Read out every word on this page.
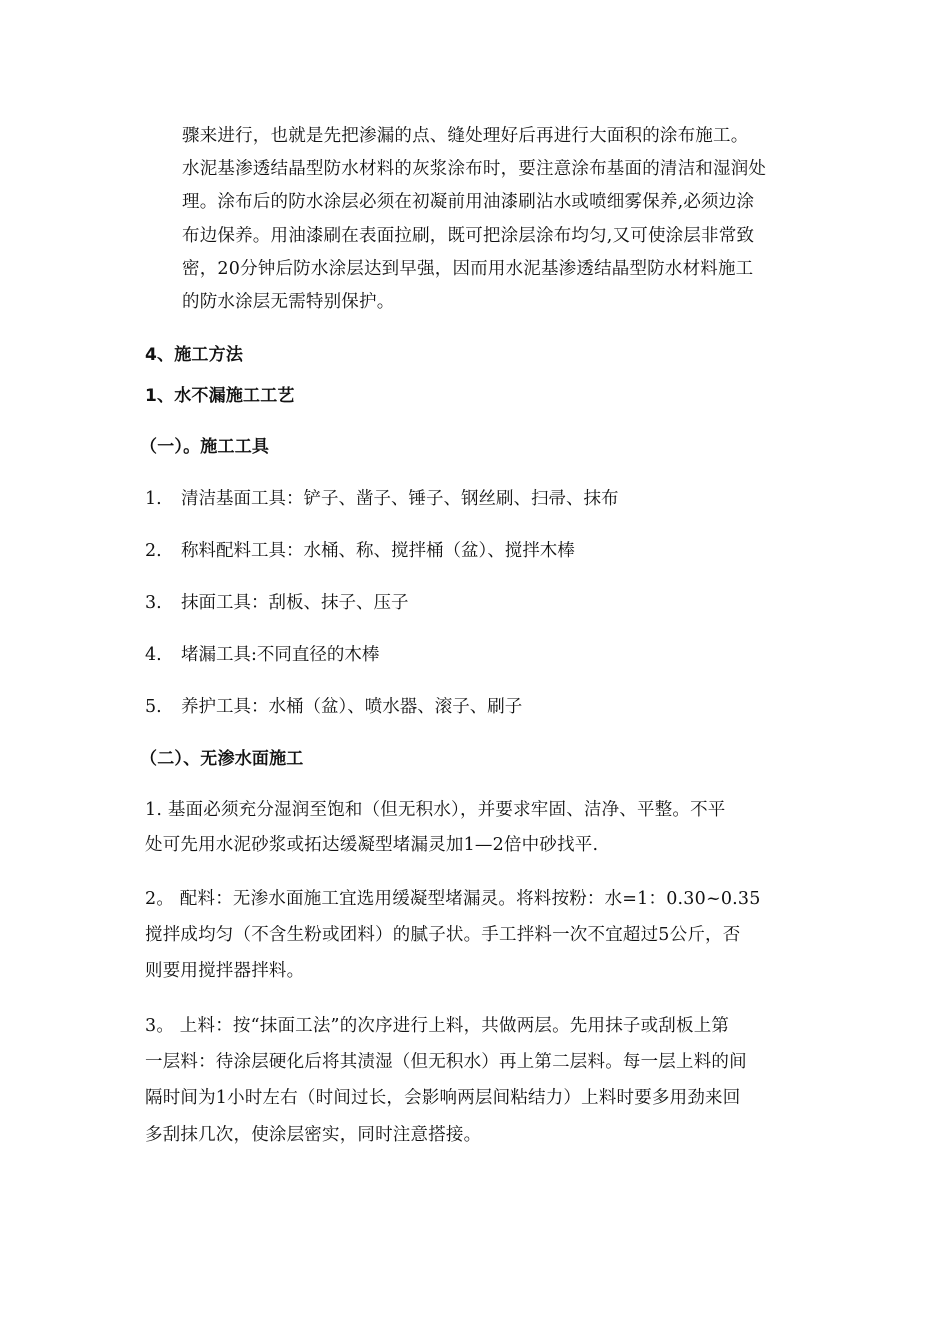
骤来进行，也就是先把渗漏的点、缝处理好后再进行大面积的涂布施工。
水泥基渗透结晶型防水材料的灰浆涂布时，要注意涂布基面的清洁和湿润处
理。涂布后的防水涂层必须在初凝前用油漆刷沾水或喷细雾保养,必须边涂
布边保养。用油漆刷在表面拉刷，既可把涂层涂布均匀,又可使涂层非常致
密，20分钟后防水涂层达到早强，因而用水泥基渗透结晶型防水材料施工
的防水涂层无需特别保护。
4、施工方法
1、水不漏施工工艺
（一）。施工工具
1. 清洁基面工具：铲子、凿子、锤子、钢丝刷、扫帚、抹布
2. 称料配料工具：水桶、称、搅拌桶（盆）、搅拌木棒
3. 抹面工具：刮板、抹子、压子
4. 堵漏工具:不同直径的木棒
5. 养护工具：水桶（盆）、喷水器、滚子、刷子
（二）、无渗水面施工
1. 基面必须充分湿润至饱和（但无积水），并要求牢固、洁净、平整。不平
处可先用水泥砂浆或拓达缓凝型堵漏灵加1—2倍中砂找平.
2。 配料：无渗水面施工宜选用缓凝型堵漏灵。将料按粉：水=1：0.30~0.35
搅拌成均匀（不含生粉或团料）的腻子状。手工拌料一次不宜超过5公斤，否
则要用搅拌器拌料。
3。 上料：按“抹面工法”的次序进行上料，共做两层。先用抹子或刮板上第
一层料：待涂层硬化后将其渍湿（但无积水）再上第二层料。每一层上料的间
隔时间为1小时左右（时间过长，会影响两层间粘结力）上料时要多用劲来回
多刮抹几次，使涂层密实，同时注意搭接。
